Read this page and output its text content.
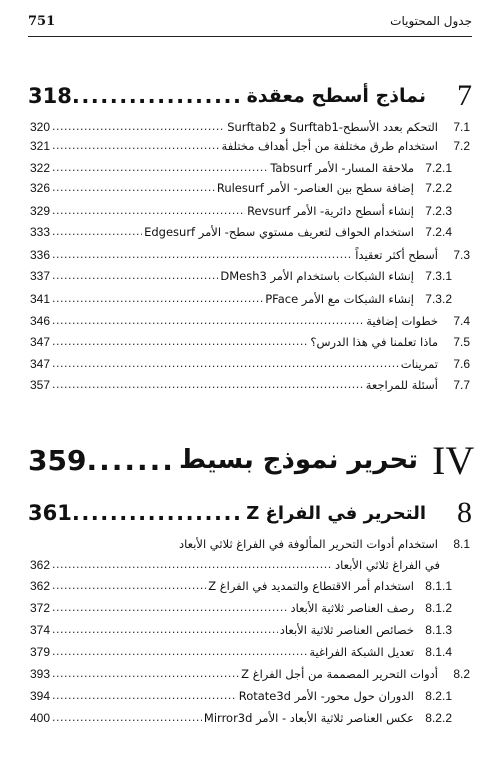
751	جدول المحتويات
318 .....	نماذج أسطح معقدة	7
320 .....	التحكم بعدد الأسطح-Surftab1 و Surftab2	7.1
321 .....	استخدام طرق مختلفة من أجل أهداف مختلفة	7.2
322 .....	ملاحقة المسار- الأمر Tabsurf 7.2.1
326 .....	إضافة سطح بين العناصر- الأمر Rulesurf 7.2.2
329 .....	إنشاء أسطح دائرية- الأمر Revsurf 7.2.3
333 .....	استخدام الحواف لتعريف مستوي سطح- الأمر Edgesurf 7.2.4
336 .....	أسطح أكثر تعقيداً	7.3
337 .....	إنشاء الشبكات باستخدام الأمر DMesh3 7.3.1
341 .....	إنشاء الشبكات مع الأمر PFace 7.3.2
346 .....	خطوات إضافية	7.4
347 .....	ماذا تعلمنا في هذا الدرس؟	7.5
347 .....	تمرينات	7.6
357 .....	أسئلة للمراجعة	7.7
359 .....	تحرير نموذج بسيط IV
361 .....	التحرير في الفراغ Z	8
استخدام أدوات التحرير المألوفة في الفراغ ثلاثي الأبعاد	8.1
362 .....	في الفراغ ثلاثي الأبعاد
362 .....	استخدام أمر الاقتطاع والتمديد في الفراغ Z 8.1.1
372 .....	رصف العناصر ثلاثية الأبعاد 8.1.2
374 .....	خصائص العناصر ثلاثية الأبعاد 8.1.3
379 .....	تعديل الشبكة الفراغية 8.1.4
393 .....	أدوات التحرير المصممة من أجل الفراغ Z	8.2
394 .....	الدوران حول محور- الأمر Rotate3d 8.2.1
400 .....	عكس العناصر ثلاثية الأبعاد - الأمر Mirror3d 8.2.2
